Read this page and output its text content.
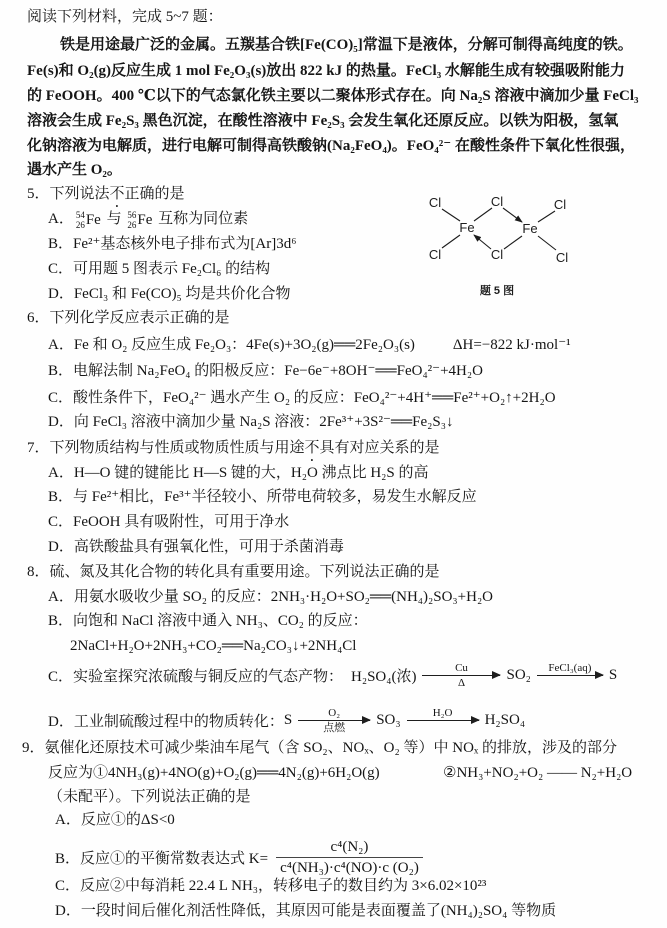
阅读下列材料，完成 5~7 题：
铁是用途最广泛的金属。五羰基合铁[Fe(CO)₅]常温下是液体，分解可制得高纯度的铁。
Fe(s)和 O₂(g)反应生成 1 mol Fe₂O₃(s)放出 822 kJ 的热量。FeCl₃ 水解能生成有较强吸附能力
的 FeOOH。400 ℃以下的气态氯化铁主要以二聚体形式存在。向 Na₂S 溶液中滴加少量 FeCl₃
溶液会生成 Fe₂S₃ 黑色沉淀，在酸性溶液中 Fe₂S₃ 会发生氧化还原反应。以铁为阳极，氢氧
化钠溶液为电解质，进行电解可制得高铁酸钠(Na₂FeO₄)。FeO₄²⁻ 在酸性条件下氧化性很强，
遇水产生 O₂。
5．下列说法不正确的是
A． 54
26 Fe 与 56
26 Fe 互称为同位素
B．Fe²⁺基态核外电子排布式为[Ar]3d⁶
C．可用题 5 图表示 Fe₂Cl₆ 的结构
D．FeCl₃ 和 Fe(CO)₅ 均是共价化合物
Cl	Cl	Cl
Fe	Fe
Cl	Cl	Cl
题 5 图
6．下列化学反应表示正确的是
A．Fe 和 O₂ 反应生成 Fe₂O₃：4Fe(s)+3O₂(g)══2Fe₂O₃(s)	ΔH=−822 kJ·mol⁻¹
B．电解法制 Na₂FeO₄ 的阳极反应：Fe−6e⁻+8OH⁻══FeO₄²⁻+4H₂O
C．酸性条件下，FeO₄²⁻ 遇水产生 O₂ 的反应：FeO₄²⁻+4H⁺══Fe²⁺+O₂↑+2H₂O
D．向 FeCl₃ 溶液中滴加少量 Na₂S 溶液：2Fe³⁺+3S²⁻══Fe₂S₃↓
7．下列物质结构与性质或物质性质与用途不具有对应关系的是
A．H—O 键的键能比 H—S 键的大，H₂O 沸点比 H₂S 的高
B．与 Fe²⁺相比，Fe³⁺半径较小、所带电荷较多，易发生水解反应
C．FeOOH 具有吸附性，可用于净水
D．高铁酸盐具有强氧化性，可用于杀菌消毒
8．硫、氮及其化合物的转化具有重要用途。下列说法正确的是
A．用氨水吸收少量 SO₂ 的反应：2NH₃·H₂O+SO₂══(NH₄)₂SO₃+H₂O
B．向饱和 NaCl 溶液中通入 NH₃、CO₂ 的反应：
2NaCl+H₂O+2NH₃+CO₂══Na₂CO₃↓+2NH₄Cl
C．实验室探究浓硫酸与铜反应的气态产物： H₂SO₄(浓)
Cu
Δ	SO₂ FeCl₃(aq) S
D．工业制硫酸过程中的物质转化： S	O₂
点燃 SO₃	H₂O H₂SO₄
9．氨催化还原技术可减少柴油车尾气（含 SO₂、NOₓ、O₂ 等）中 NOₓ 的排放，涉及的部分
反应为①4NH₃(g)+4NO(g)+O₂(g)══4N₂(g)+6H₂O(g)	②NH₃+NO₂+O₂ —— N₂+H₂O
（未配平）。下列说法正确的是
A．反应①的ΔS<0
B．反应①的平衡常数表达式 $K= \frac{\text{c⁴(N₂)}}{\text{c⁴(NH₃)·c⁴(NO)·c (O₂)}}$
C．反应②中每消耗 22.4 L NH₃，转移电子的数目约为 3×6.02×10²³
D．一段时间后催化剂活性降低，其原因可能是表面覆盖了(NH₄)₂SO₄ 等物质
